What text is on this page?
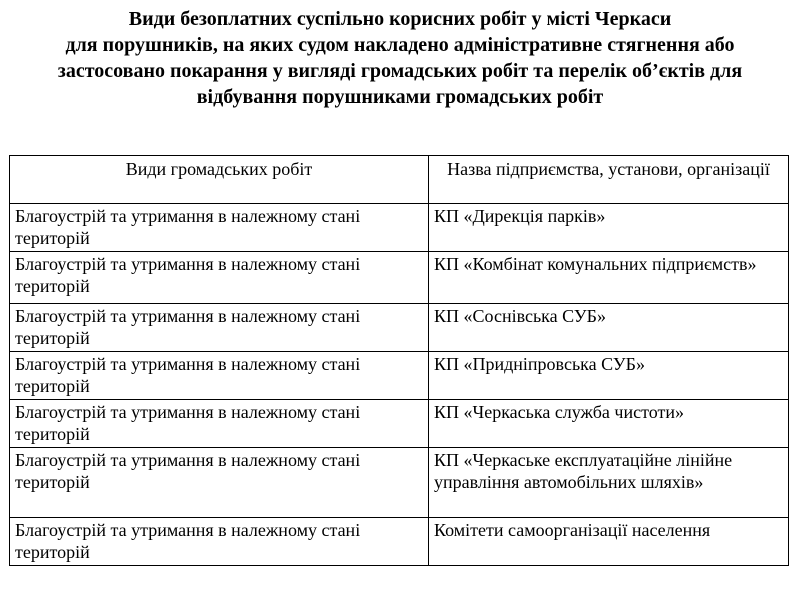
Види безоплатних суспільно корисних робіт у місті Черкаси
для порушників, на яких судом накладено адміністративне стягнення або
застосовано покарання у вигляді громадських робіт та перелік об’єктів для
відбування порушниками громадських робіт
Види громадських робіт	Назва підприємства, установи, організації
Благоустрій та утримання в належному стані територій	КП «Дирекція парків»
Благоустрій та утримання в належному стані територій	КП «Комбінат комунальних підприємств»
Благоустрій та утримання в належному стані територій	КП «Соснівська СУБ»
Благоустрій та утримання в належному стані територій	КП «Придніпровська СУБ»
Благоустрій та утримання в належному стані територій	КП «Черкаська служба чистоти»
Благоустрій та утримання в належному стані територій	КП «Черкаське експлуатаційне лінійне управління автомобільних шляхів»
Благоустрій та утримання в належному стані територій	Комітети самоорганізації населення
